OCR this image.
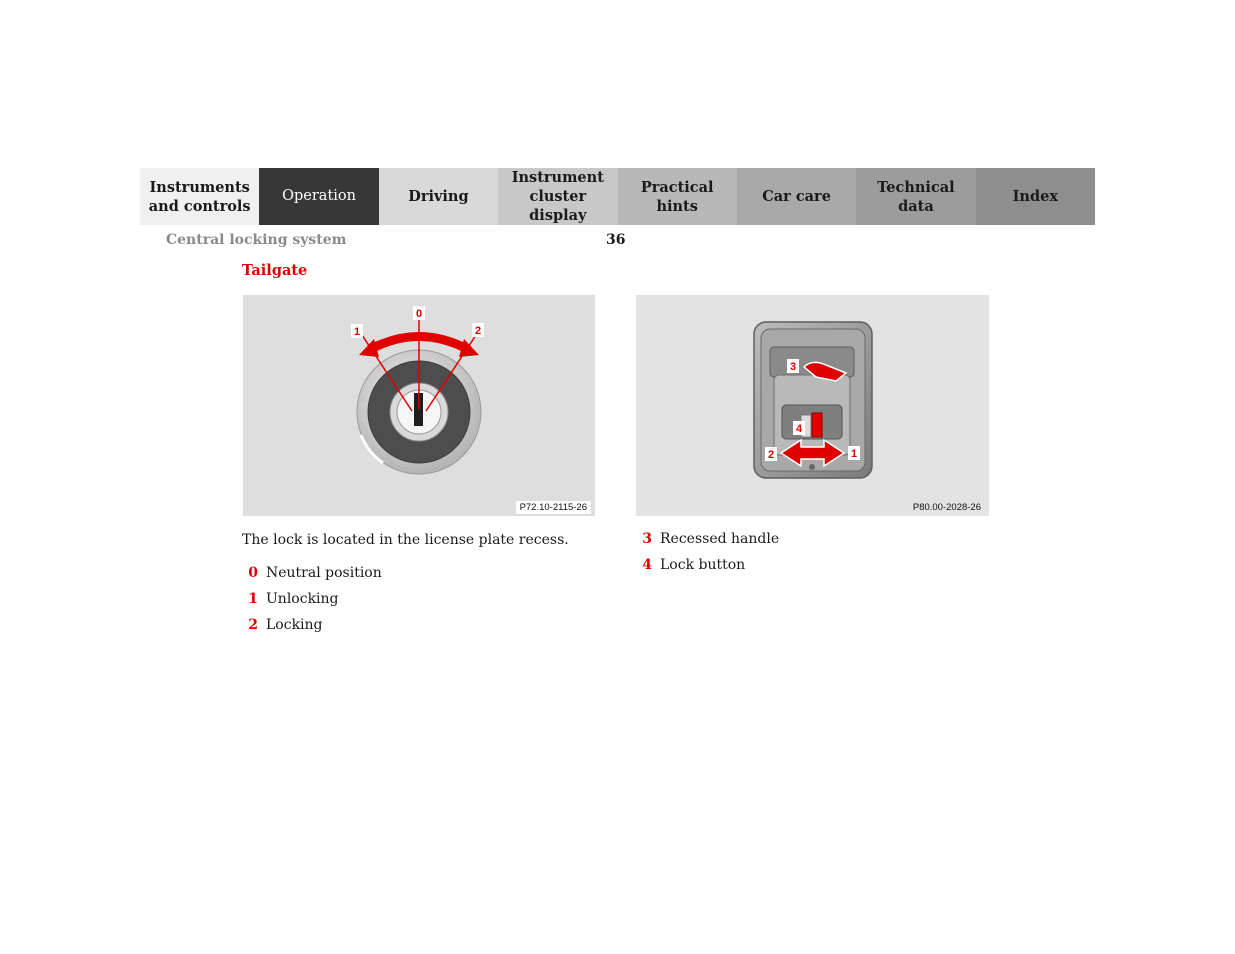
Instruments
and controls
Operation	Driving
Instrument
cluster display
Practical hints
Car care
Technical
data
Index
Central locking system	36
Tailgate
0
1	2
P72.10-2115-26
3
4
2	1
P80.00-2028-26
The lock is located in the license plate recess.
0 Neutral position
1 Unlocking
2 Locking
3 Recessed handle
4 Lock button
